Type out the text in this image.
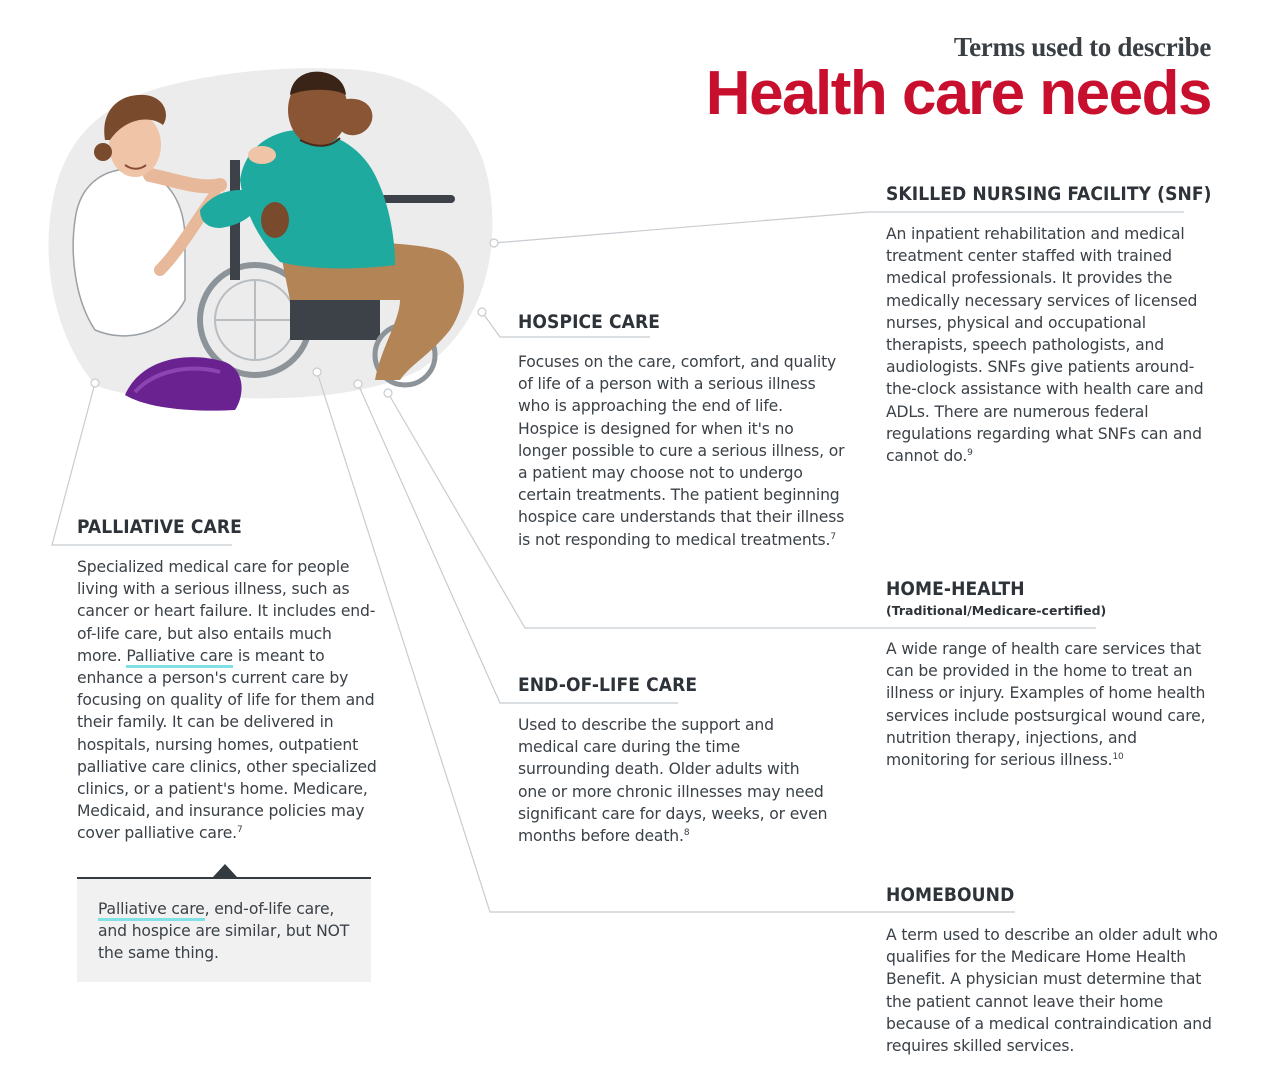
Terms used to describe
Health care needs
SKILLED NURSING FACILITY (SNF)
An inpatient rehabilitation and medical treatment center staffed with trained medical professionals. It provides the medically necessary services of licensed nurses, physical and occupational therapists, speech pathologists, and audiologists. SNFs give patients around-the-clock assistance with health care and ADLs. There are numerous federal regulations regarding what SNFs can and cannot do.$^9$
HOSPICE CARE
Focuses on the care, comfort, and quality of life of a person with a serious illness who is approaching the end of life. Hospice is designed for when it's no longer possible to cure a serious illness, or a patient may choose not to undergo certain treatments. The patient beginning hospice care understands that their illness is not responding to medical treatments.$^7$
PALLIATIVE CARE
Specialized medical care for people living with a serious illness, such as cancer or heart failure. It includes end-of-life care, but also entails much more. Palliative care is meant to enhance a person's current care by focusing on quality of life for them and their family. It can be delivered in hospitals, nursing homes, outpatient palliative care clinics, other specialized clinics, or a patient's home. Medicare, Medicaid, and insurance policies may cover palliative care.$^7$
Palliative care, end-of-life care, and hospice are similar, but NOT the same thing.
HOME-HEALTH
(Traditional/Medicare-certified)
A wide range of health care services that can be provided in the home to treat an illness or injury. Examples of home health services include postsurgical wound care, nutrition therapy, injections, and monitoring for serious illness.$^{10}$
END-OF-LIFE CARE
Used to describe the support and medical care during the time surrounding death. Older adults with one or more chronic illnesses may need significant care for days, weeks, or even months before death.$^8$
HOMEBOUND
A term used to describe an older adult who qualifies for the Medicare Home Health Benefit. A physician must determine that the patient cannot leave their home because of a medical contraindication and requires skilled services.
